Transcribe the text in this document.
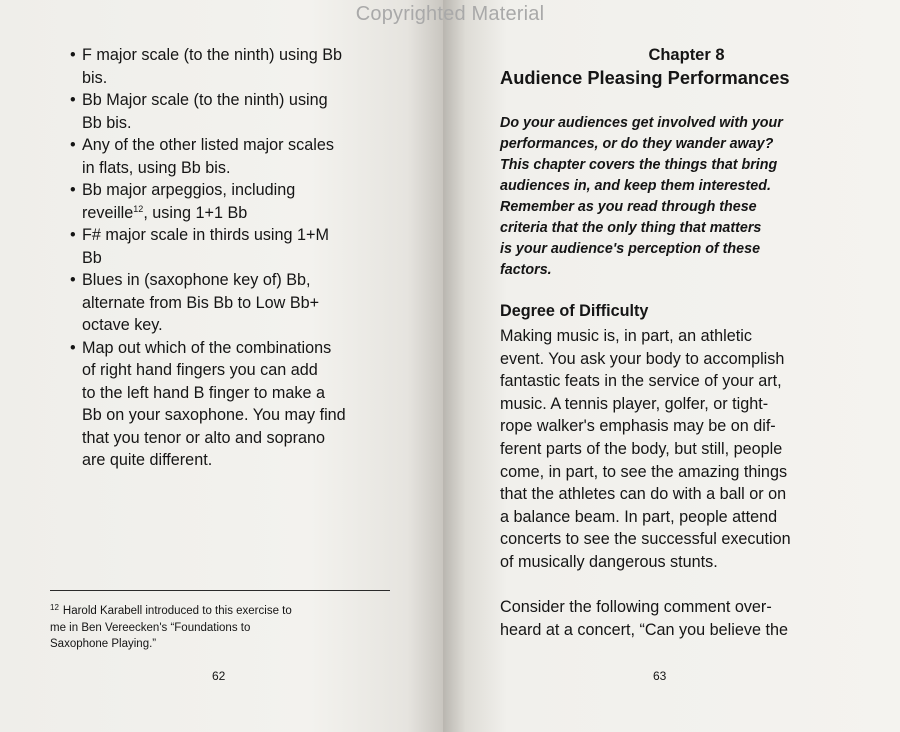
Copyrighted Material
• F major scale (to the ninth) using Bb
bis.
• Bb Major scale (to the ninth) using
Bb bis.
• Any of the other listed major scales
in flats, using Bb bis.
• Bb major arpeggios, including
reveille$^{12}$, using 1+1 Bb
• F# major scale in thirds using 1+M
Bb
• Blues in (saxophone key of) Bb,
alternate from Bis Bb to Low Bb+
octave key.
• Map out which of the combinations
of right hand fingers you can add
to the left hand B finger to make a
Bb on your saxophone. You may find
that you tenor or alto and soprano
are quite different.
$^{12}$ Harold Karabell introduced to this exercise to
me in Ben Vereecken's “Foundations to
Saxophone Playing.”
62
Chapter 8
Audience Pleasing Performances
Do your audiences get involved with your
performances, or do they wander away?
This chapter covers the things that bring
audiences in, and keep them interested.
Remember as you read through these
criteria that the only thing that matters
is your audience's perception of these
factors.
Degree of Difficulty
Making music is, in part, an athletic
event. You ask your body to accomplish
fantastic feats in the service of your art,
music. A tennis player, golfer, or tight-
rope walker's emphasis may be on dif-
ferent parts of the body, but still, people
come, in part, to see the amazing things
that the athletes can do with a ball or on
a balance beam. In part, people attend
concerts to see the successful execution
of musically dangerous stunts.
Consider the following comment over-
heard at a concert, “Can you believe the
63
